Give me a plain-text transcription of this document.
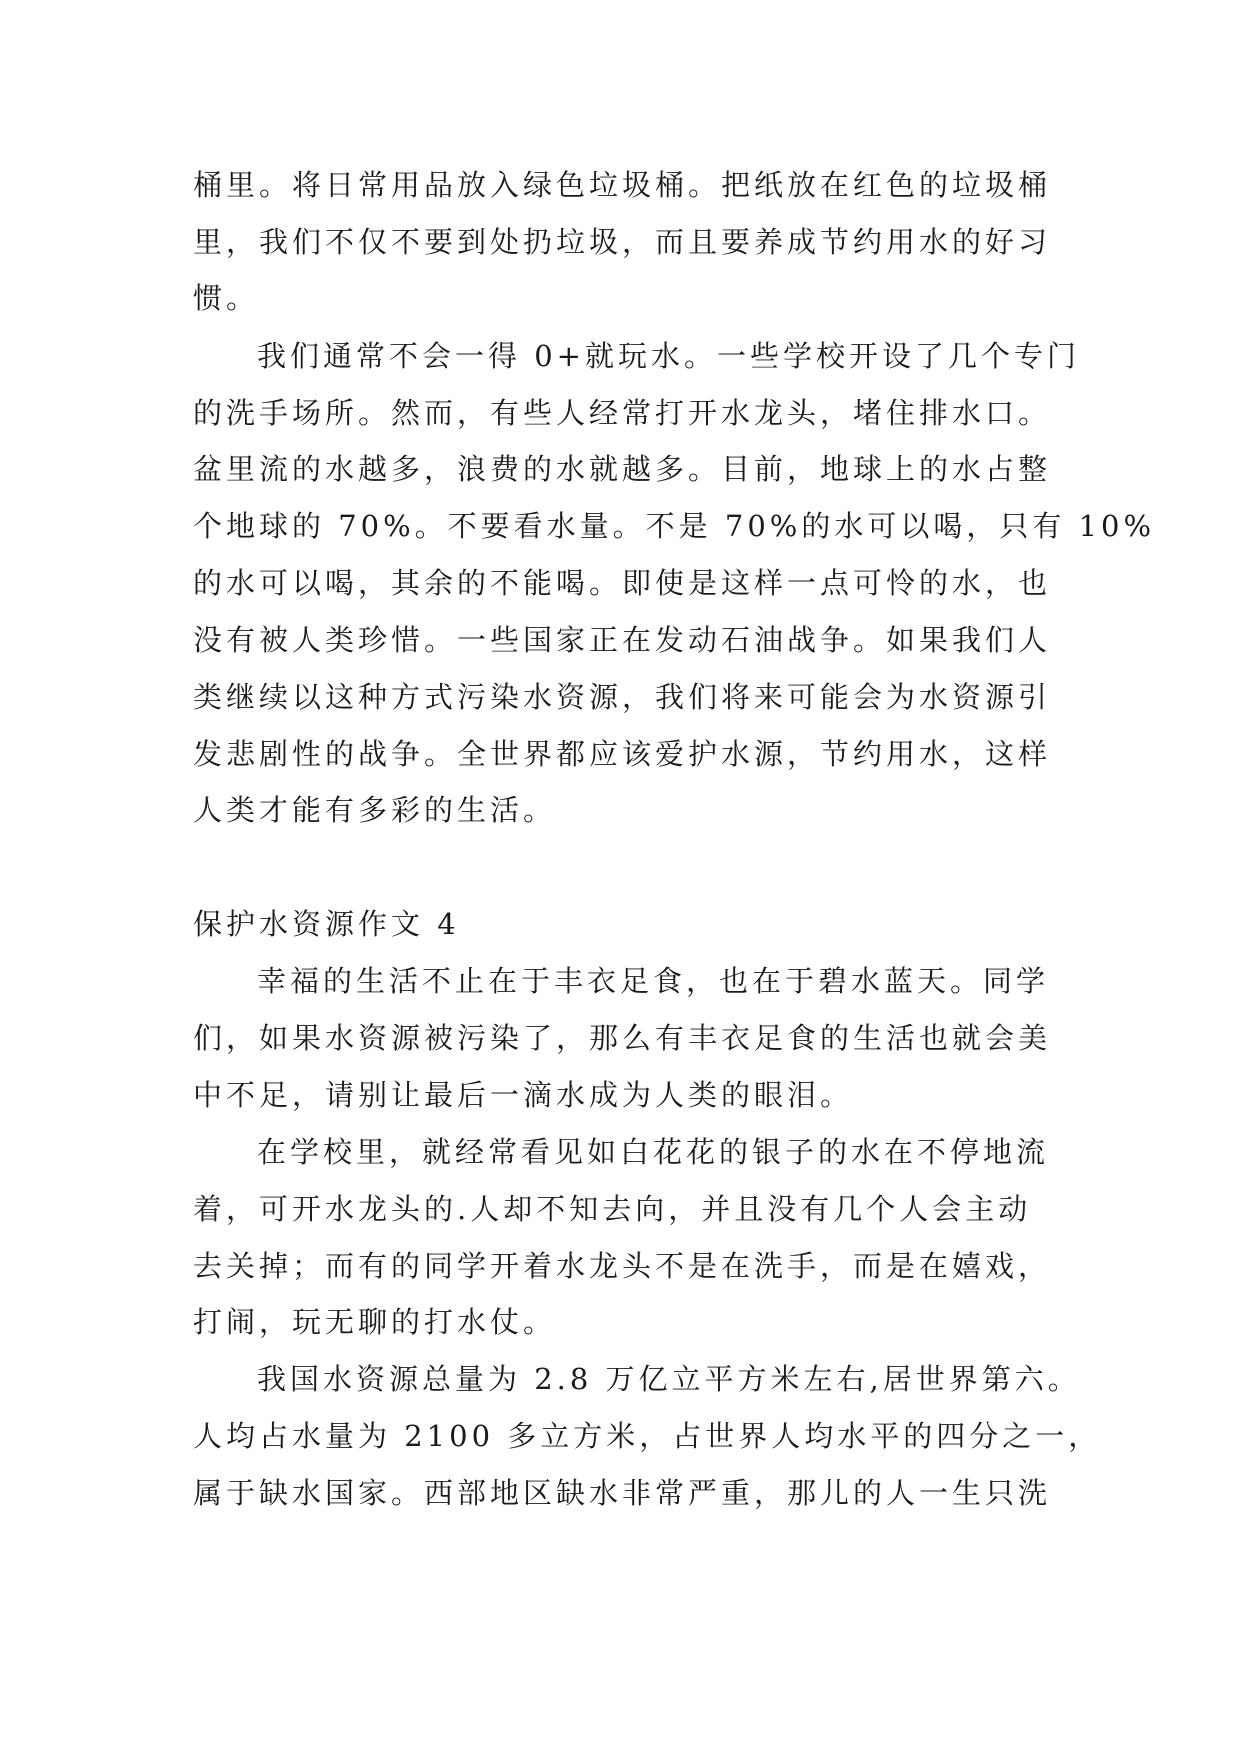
桶里。将日常用品放入绿色垃圾桶。把纸放在红色的垃圾桶
里，我们不仅不要到处扔垃圾，而且要养成节约用水的好习
惯。
我们通常不会一得 0+就玩水。一些学校开设了几个专门
的洗手场所。然而，有些人经常打开水龙头，堵住排水口。
盆里流的水越多，浪费的水就越多。目前，地球上的水占整
个地球的 70%。不要看水量。不是 70%的水可以喝，只有 10%
的水可以喝，其余的不能喝。即使是这样一点可怜的水，也
没有被人类珍惜。一些国家正在发动石油战争。如果我们人
类继续以这种方式污染水资源，我们将来可能会为水资源引
发悲剧性的战争。全世界都应该爱护水源，节约用水，这样
人类才能有多彩的生活。
保护水资源作文 4
幸福的生活不止在于丰衣足食，也在于碧水蓝天。同学
们，如果水资源被污染了，那么有丰衣足食的生活也就会美
中不足，请别让最后一滴水成为人类的眼泪。
在学校里，就经常看见如白花花的银子的水在不停地流
着，可开水龙头的.人却不知去向，并且没有几个人会主动
去关掉；而有的同学开着水龙头不是在洗手，而是在嬉戏，
打闹，玩无聊的打水仗。
我国水资源总量为 2.8 万亿立平方米左右,居世界第六。
人均占水量为 2100 多立方米，占世界人均水平的四分之一，
属于缺水国家。西部地区缺水非常严重，那儿的人一生只洗
